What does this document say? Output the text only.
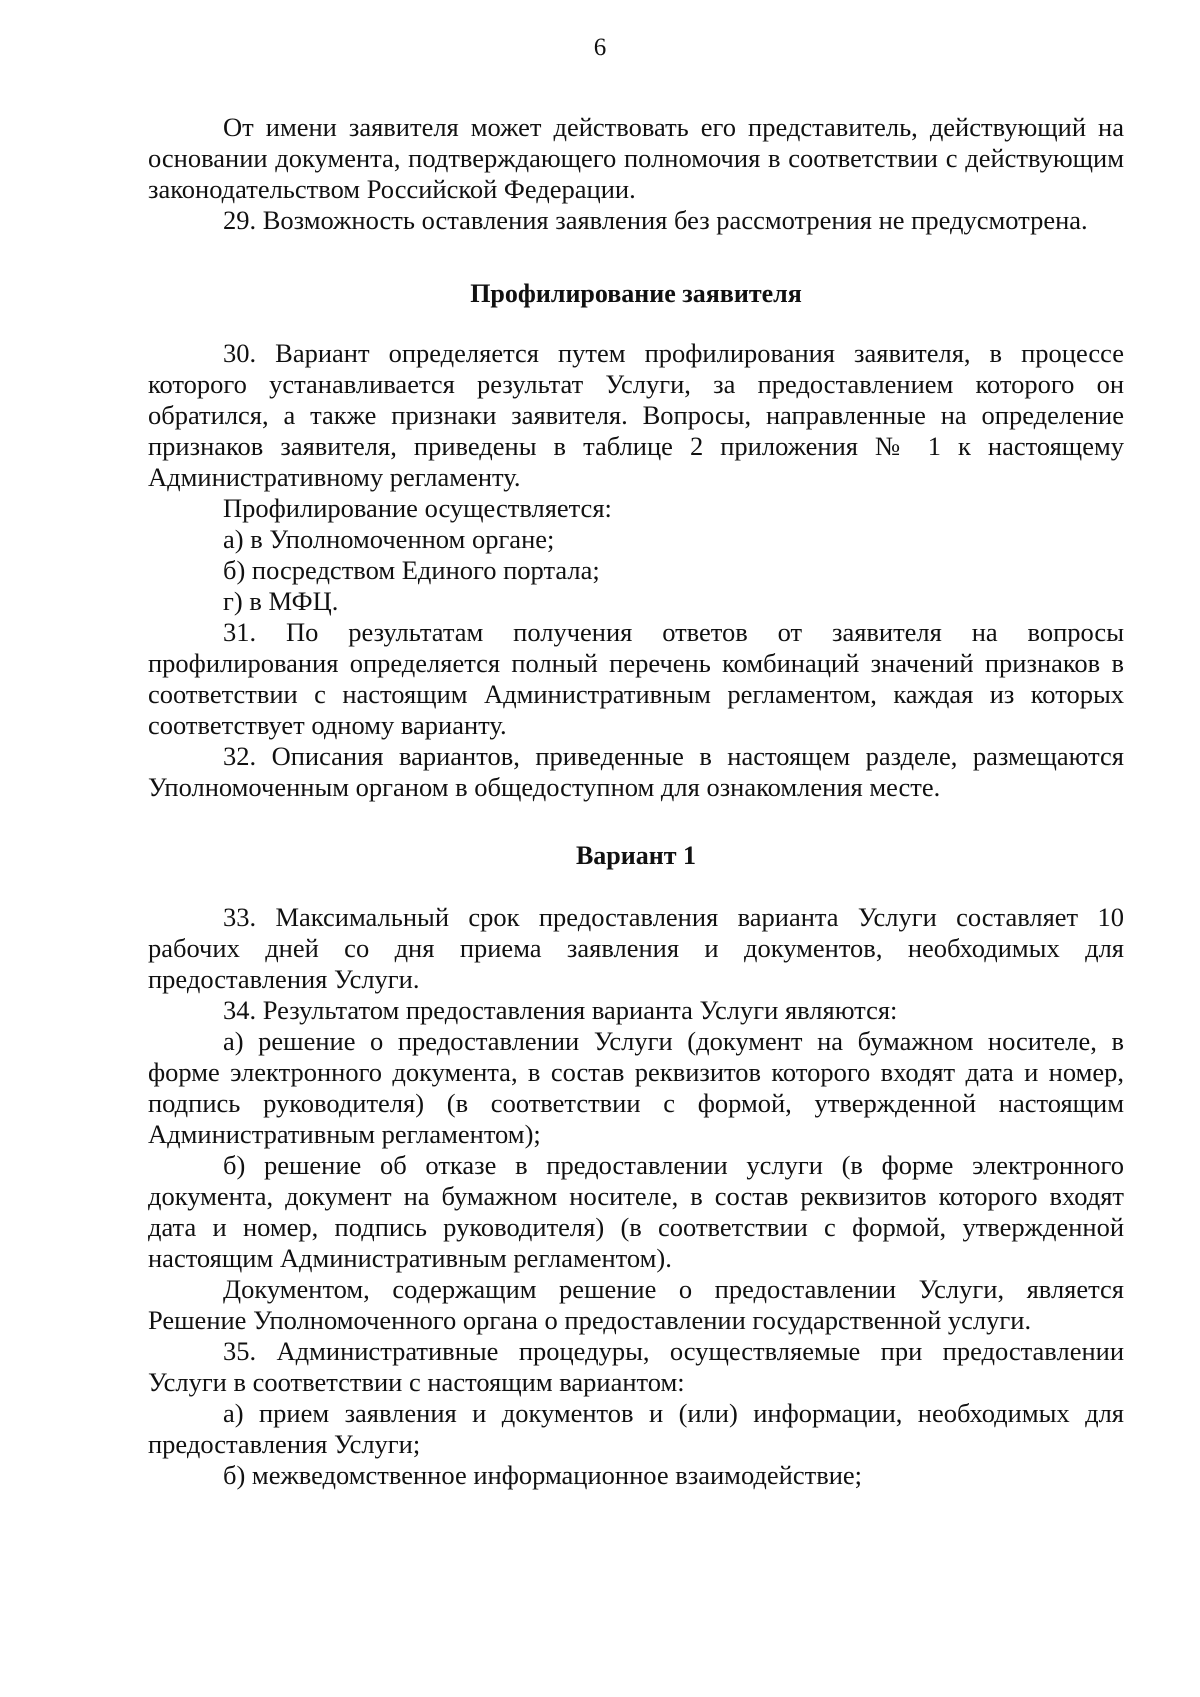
6

От имени заявителя может действовать его представитель, действующий на основании документа, подтверждающего полномочия в соответствии с действующим законодательством Российской Федерации.

29. Возможность оставления заявления без рассмотрения не предусмотрена.

Профилирование заявителя

30. Вариант определяется путем профилирования заявителя, в процессе которого устанавливается результат Услуги, за предоставлением которого он обратился, а также признаки заявителя. Вопросы, направленные на определение признаков заявителя, приведены в таблице 2 приложения № 1 к настоящему Административному регламенту.

Профилирование осуществляется:

а) в Уполномоченном органе;

б) посредством Единого портала;

г) в МФЦ.

31. По результатам получения ответов от заявителя на вопросы профилирования определяется полный перечень комбинаций значений признаков в соответствии с настоящим Административным регламентом, каждая из которых соответствует одному варианту.

32. Описания вариантов, приведенные в настоящем разделе, размещаются Уполномоченным органом в общедоступном для ознакомления месте.

Вариант 1

33. Максимальный срок предоставления варианта Услуги составляет 10 рабочих дней со дня приема заявления и документов, необходимых для предоставления Услуги.

34. Результатом предоставления варианта Услуги являются:

а) решение о предоставлении Услуги (документ на бумажном носителе, в форме электронного документа, в состав реквизитов которого входят дата и номер, подпись руководителя) (в соответствии с формой, утвержденной настоящим Административным регламентом);

б) решение об отказе в предоставлении услуги (в форме электронного документа, документ на бумажном носителе, в состав реквизитов которого входят дата и номер, подпись руководителя) (в соответствии с формой, утвержденной настоящим Административным регламентом).

Документом, содержащим решение о предоставлении Услуги, является Решение Уполномоченного органа о предоставлении государственной услуги.

35. Административные процедуры, осуществляемые при предоставлении Услуги в соответствии с настоящим вариантом:

а) прием заявления и документов и (или) информации, необходимых для предоставления Услуги;

б) межведомственное информационное взаимодействие;
